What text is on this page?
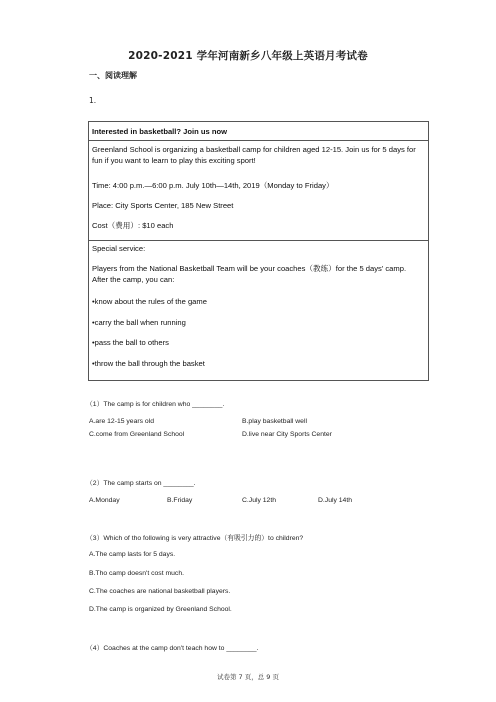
2020-2021 学年河南新乡八年级上英语月考试卷
一、阅读理解
1.
Interested in basketball? Join us now
Greenland School is organizing a basketball camp for children aged 12-15. Join us for 5 days for fun if you want to learn to play this exciting sport!
Time: 4:00 p.m.—6:00 p.m. July 10th—14th, 2019（Monday to Friday）
Place: City Sports Center, 185 New Street
Cost（费用）: $10 each
Special service:
Players from the National Basketball Team will be your coaches（教练）for the 5 days' camp. After the camp, you can:
•know about the rules of the game
•carry the ball when running
•pass the ball to others
•throw the ball through the basket
（1）The camp is for children who ________.
A.are 12-15 years old	B.play basketball well
C.come from Greenland School	D.live near City Sports Center
（2）The camp starts on ________.
A.Monday	B.Friday	C.July 12th	D.July 14th
（3）Which of tho following is very attractive（有吸引力的）to children?
A.The camp lasts for 5 days.
B.Tho camp doesn't cost much.
C.The coaches are national basketball players.
D.The camp is organized by Greenland School.
（4）Coaches at the camp don't teach how to ________.
试卷第 7 页，总 9 页
